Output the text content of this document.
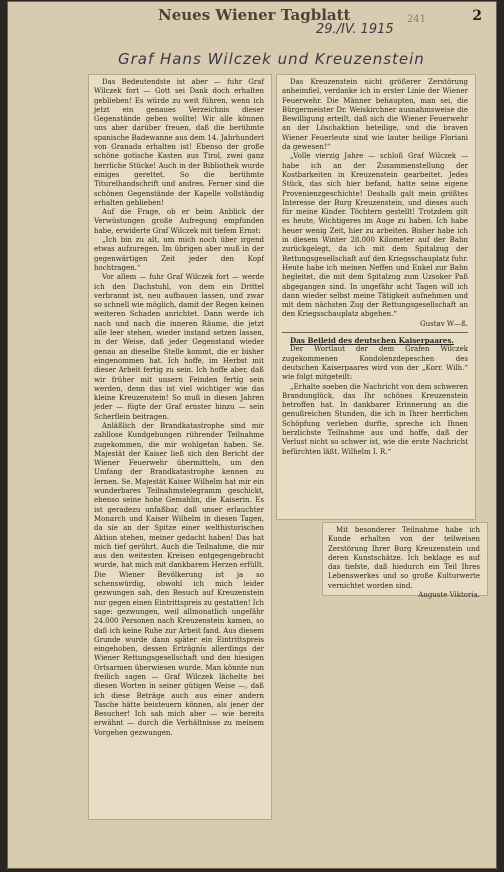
Neues Wiener Tagblatt
29./IV. 1915
241	2
Graf Hans Wilczek und Kreuzenstein

Das Bedeutendste ist aber — fuhr Graf Wilczek fort — Gott sei Dank doch erhalten geblieben! Es würde zu weit führen, wenn ich jetzt ein genaues Verzeichnis dieser Gegenstände geben wollte! Wir alle können uns aber darüber freuen, daß die berühmte spanische Badewanne aus dem 14. Jahrhundert von Granada erhalten ist! Ebenso der große schöne gotische Kasten aus Tirol, zwei ganz herrliche Stücke! Auch in der Bibliothek wurde einiges gerettet. So die berühmte Titurelhandschrift und andres. Ferner sind die schönen Gegenstände der Kapelle vollständig erhalten geblieben!

Auf die Frage, ob er beim Anblick der Verwüstungen große Aufregung empfunden habe, erwiderte Graf Wilczek mit tiefem Ernst:

„Ich bin zu alt, um mich noch über irgend etwas aufzuregen. Im übrigen aber muß in der gegenwärtigen Zeit jeder den Kopf hochtragen.“

Vor allem — fuhr Graf Wilczek fort — werde ich den Dachstuhl, von dem ein Drittel verbrannt ist, neu aufbauen lassen, und zwar so schnell wie möglich, damit der Regen keinen weiteren Schaden anrichtet. Dann werde ich nach und nach die inneren Räume, die jetzt alle leer stehen, wieder instand setzen lassen, in der Weise, daß jeder Gegenstand wieder genau an dieselbe Stelle kommt, die er bisher eingenommen hat. Ich hoffe, im Herbst mit dieser Arbeit fertig zu sein. Ich hoffe aber, daß wir früher mit unsern Feinden fertig sein werden, denn das ist viel wichtiger wie das kleine Kreuzenstein! So muß in diesen Jahren jeder — fügte der Graf ernster hinzu — sein Scherflein beitragen.

Anläßlich der Brandkatastrophe sind mir zahllose Kundgebungen rührender Teilnahme zugekommen, die mir wohlgetan haben. Se. Majestät der Kaiser ließ sich den Bericht der Wiener Feuerwehr übermitteln, um den Umfang der Brandkatastrophe kennen zu lernen. Se. Majestät Kaiser Wilhelm hat mir ein wunderbares Teilnahmstelegramm geschickt, ebenso seine hohe Gemahlin, die Kaiserin. Es ist geradezu unfaßbar, daß unser erlauchter Monarch und Kaiser Wilhelm in diesen Tagen, da sie an der Spitze einer welthistorischen Aktion stehen, meiner gedacht haben! Das hat mich tief gerührt. Auch die Teilnahme, die mir aus den weitesten Kreisen entgegengebracht wurde, hat mich mit dankbarem Herzen erfüllt. Die Wiener Bevölkerung ist ja so schenswürdig, obwohl ich mich leider gezwungen sah, den Besuch auf Kreuzenstein nur gegen einen Eintrittspreis zu gestatten! Ich sage: gezwungen, weil allmonatlich ungefähr 24.000 Personen nach Kreuzenstein kamen, so daß ich keine Ruhe zur Arbeit fand. Aus diesem Grunde wurde dann später ein Eintrittspreis eingehoben, dessen Erträgnis allerdings der Wiener Rettungsgesellschaft und den hiesigen Ortsarmen überwiesen wurde. Man könnte nun freilich sagen — Graf Wilczek lächelte bei diesen Worten in seiner gütigen Weise —, daß ich diese Beträge auch aus einer andern Tasche hätte beisteuern können, als jener der Besucher! Ich sah mich aber — wie bereits erwähnt — durch die Verhältnisse zu meinem Vorgehen gezwungen.

Das Kreuzenstein nicht größerer Zerstörung anheimfiel, verdanke ich in erster Linie der Wiener Feuerwehr. Die Männer behaupten, man sei, die Bürgermeister Dr. Weiskirchner ausnahmsweise die Bewilligung erteilt, daß sich die Wiener Feuerwehr an der Löschaktion beteilige, und die braven Wiener Feuerleute sind wie lauter heilige Floriani da gewesen!“

„Volle vierzig Jahre — schloß Graf Wilczek — habe ich an der Zusammenstellung der Kostbarkeiten in Kreuzenstein gearbeitet. Jedes Stück, das sich hier befand, hatte seine eigene Provenienzgeschichte! Deshalb galt mein größtes Interesse der Burg Kreuzenstein, und dieses auch für meine Kinder. Töchtern gestellt! Trotzdem gilt es heute, Wichtigeres im Auge zu haben. Ich habe heuer wenig Zeit, hier zu arbeiten. Bisher habe ich in diesem Winter 28.000 Kilometer auf der Bahn zurückgelegt, da ich mit dem Spitalzug der Rettungsgesellschaft auf den Kriegsschauplatz fuhr. Heute habe ich meinen Neffen und Enkel zur Bahn begleitet, die mit dem Spitalzug zum Uzsoker Paß abgegangen sind. In ungefähr acht Tagen will ich dann wieder selbst meine Tätigkeit aufnehmen und mit dem nächsten Zug der Rettungsgesellschaft an den Kriegsschauplatz abgehen.“

Gustav W—ß.

Das Beileid des deutschen Kaiserpaares.

Der Wortlaut der dem Grafen Wilczek zugekommenen Kondolenzdepeschen des deutschen Kaiserpaares wird von der „Korr. Wilh.“ wie folgt mitgeteilt:

„Erhalte soeben die Nachricht von dem schweren Brandunglück, das Ihr schönes Kreuzenstein betroffen hat. In dankbarer Erinnerung an die genußreichen Stunden, die ich in Ihrer herrlichen Schöpfung verleben durfte, spreche ich Ihnen herzlichste Teilnahme aus und hoffe, daß der Verlust nicht so schwer ist, wie die erste Nachricht befürchten läßt. Wilhelm I. R.“

Mit besonderer Teilnahme habe ich Kunde erhalten von der teilweisen Zerstörung Ihrer Burg Kreuzenstein und deren Kunstschätze. Ich beklage es auf das tiefste, daß hiedurch ein Teil Ihres Lebenswerkes und so große Kulturwerte vernichtet worden sind.

Auguste Viktoria.
